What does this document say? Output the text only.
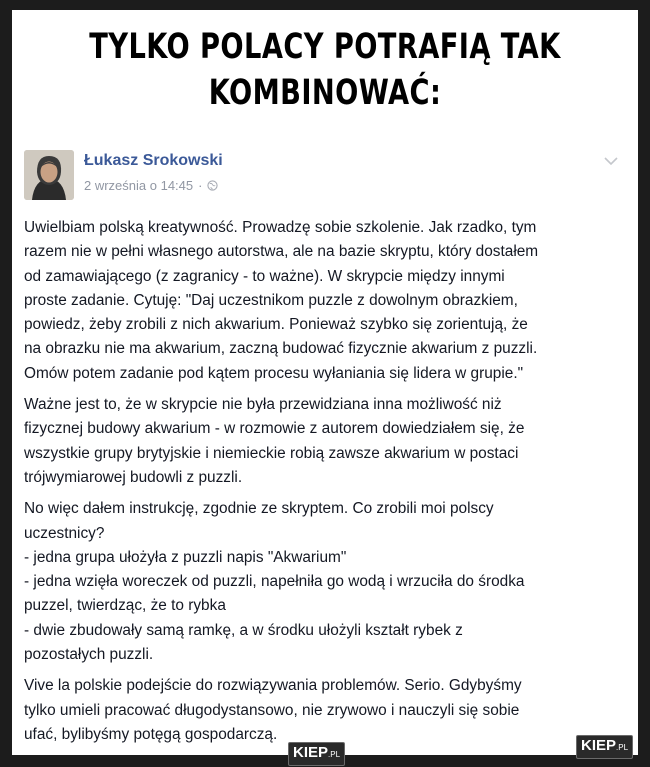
TYLKO POLACY POTRAFIĄ TAK
KOMBINOWAĆ:
Łukasz Srokowski
2 września o 14:45 ·

Uwielbiam polską kreatywność. Prowadzę sobie szkolenie. Jak rzadko, tym
razem nie w pełni własnego autorstwa, ale na bazie skryptu, który dostałem
od zamawiającego (z zagranicy - to ważne). W skrypcie między innymi
proste zadanie. Cytuję: "Daj uczestnikom puzzle z dowolnym obrazkiem,
powiedz, żeby zrobili z nich akwarium. Ponieważ szybko się zorientują, że
na obrazku nie ma akwarium, zaczną budować fizycznie akwarium z puzzli.
Omów potem zadanie pod kątem procesu wyłaniania się lidera w grupie."

Ważne jest to, że w skrypcie nie była przewidziana inna możliwość niż
fizycznej budowy akwarium - w rozmowie z autorem dowiedziałem się, że
wszystkie grupy brytyjskie i niemieckie robią zawsze akwarium w postaci
trójwymiarowej budowli z puzzli.

No więc dałem instrukcję, zgodnie ze skryptem. Co zrobili moi polscy
uczestnicy?
- jedna grupa ułożyła z puzzli napis "Akwarium"
- jedna wzięła woreczek od puzzli, napełniła go wodą i wrzuciła do środka
puzzel, twierdząc, że to rybka
- dwie zbudowały samą ramkę, a w środku ułożyli kształt rybek z
pozostałych puzzli.

Vive la polskie podejście do rozwiązywania problemów. Serio. Gdybyśmy
tylko umieli pracować długodystansowo, nie zrywowo i nauczyli się sobie
ufać, bylibyśmy potęgą gospodarczą.

KIEP.PL
KIEP.PL
